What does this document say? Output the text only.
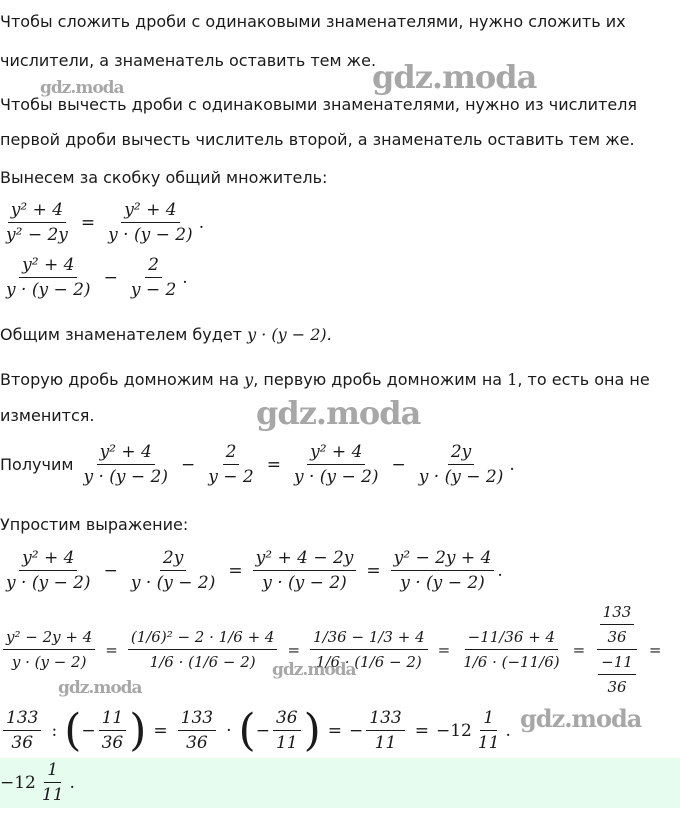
Чтобы сложить дроби с одинаковыми знаменателями, нужно сложить их
числители, а знаменатель оставить тем же.
Чтобы вычесть дроби с одинаковыми знаменателями, нужно из числителя
первой дроби вычесть числитель второй, а знаменатель оставить тем же.
Вынесем за скобку общий множитель:
$\frac{\text{y² + 4}}{\text{y² − 2y}} = \frac{\text{y² + 4}}{y \cdot (y - 2)}$ .
$\frac{\text{y² + 4}}{y \cdot (y - 2)} - \frac{2}{y - 2}$ .
Общим знаменателем будет y · (y − 2).
Вторую дробь домножим на y, первую дробь домножим на 1, то есть она не
изменится.
Получим $\frac{\text{y² + 4}}{y \cdot (y - 2)} - \frac{2}{y - 2} = \frac{\text{y² + 4}}{y \cdot (y - 2)} - \frac{2y}{y \cdot (y - 2)}$ .
Упростим выражение:
$\frac{\text{y² + 4}}{y \cdot (y - 2)} - \frac{2y}{y \cdot (y - 2)} = \frac{\text{y² + 4 − 2y}}{y \cdot (y - 2)} = \frac{\text{y² − 2y + 4}}{y \cdot (y - 2)}$ .
$\frac{\text{y² − 2y + 4}}{y \cdot (y - 2)} = \frac{\text{(1/6)² − 2 · 1/6 + 4}}{1/6 \cdot (1/6 - 2)} = \frac{1/36 - 1/3 + 4}{1/6 \cdot (1/6 - 2)} = \frac{-11/36 + 4}{1/6 \cdot (-11/6)} = \frac{\frac{133}{36}}{\frac{-11}{36}}$ =
$\frac{133}{36}$ : ( − $\frac{11}{36}$ ) = $\frac{133}{36}$ · ( − $\frac{36}{11}$ ) = − $\frac{133}{11} = -12 \frac{1}{11}$ .
$-12 \frac{1}{11}$ .
gdz.moda	gdz.moda
gdz.moda
gdz.moda
gdz.moda
gdz.moda
